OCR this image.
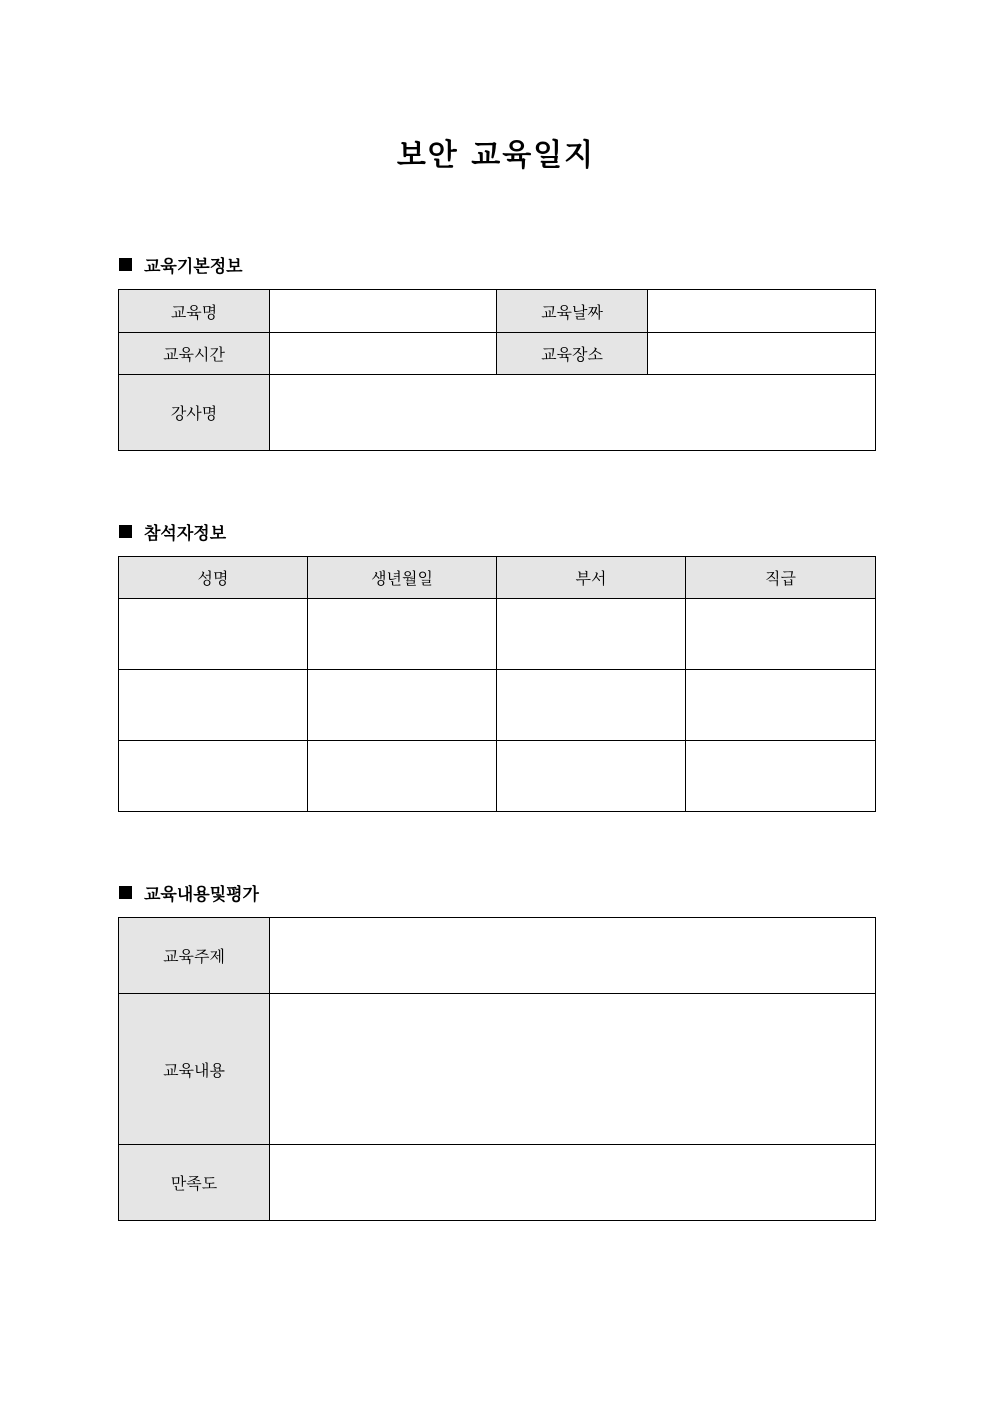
보안 교육일지
교육기본정보
교육명		교육날짜	
교육시간		교육장소	
강사명			
참석자정보
성명	생년월일	부서	직급

교육내용및평가
교육주제	
교육내용	
만족도	
